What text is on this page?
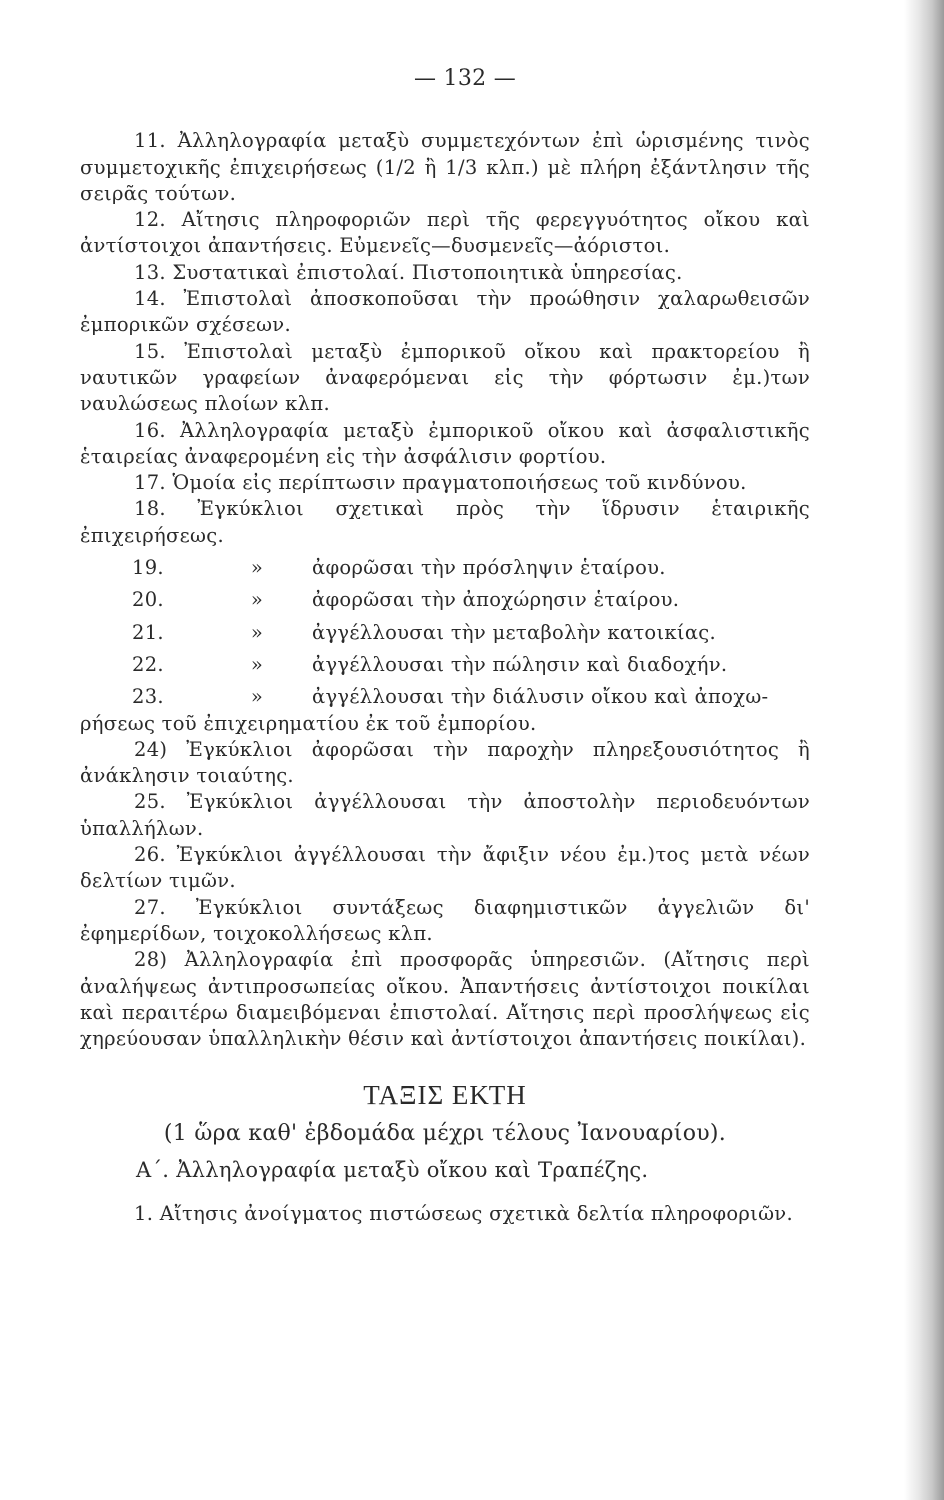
— 132 —

11. Ἀλληλογραφία μεταξὺ συμμετεχόντων ἐπὶ ὡρισμένης τινὸς συμμετοχικῆς ἐπιχειρήσεως (1/2 ἢ 1/3 κλπ.) μὲ πλήρη ἐξάντλησιν τῆς σειρᾶς τούτων.

12. Αἴτησις πληροφοριῶν περὶ τῆς φερεγγυότητος οἴκου καὶ ἀντίστοιχοι ἀπαντήσεις. Εὐμενεῖς—δυσμενεῖς—ἀόριστοι.

13. Συστατικαὶ ἐπιστολαί. Πιστοποιητικὰ ὑπηρεσίας.

14. Ἐπιστολαὶ ἀποσκοποῦσαι τὴν προώθησιν χαλαρωθεισῶν ἐμπορικῶν σχέσεων.

15. Ἐπιστολαὶ μεταξὺ ἐμπορικοῦ οἴκου καὶ πρακτορείου ἢ ναυτικῶν γραφείων ἀναφερόμεναι εἰς τὴν φόρτωσιν ἐμ.)των ναυλώσεως πλοίων κλπ.

16. Ἀλληλογραφία μεταξὺ ἐμπορικοῦ οἴκου καὶ ἀσφαλιστικῆς ἑταιρείας ἀναφερομένη εἰς τὴν ἀσφάλισιν φορτίου.

17. Ὁμοία εἰς περίπτωσιν πραγματοποιήσεως τοῦ κινδύνου.

18. Ἐγκύκλιοι σχετικαὶ πρὸς τὴν ἵδρυσιν ἑταιρικῆς ἐπιχειρήσεως.

19.	»	ἀφορῶσαι τὴν πρόσληψιν ἑταίρου.
20.	»	ἀφορῶσαι τὴν ἀποχώρησιν ἑταίρου.
21.	»	ἀγγέλλουσαι τὴν μεταβολὴν κατοικίας.
22.	»	ἀγγέλλουσαι τὴν πώλησιν καὶ διαδοχήν.
23.	»	ἀγγέλλουσαι τὴν διάλυσιν οἴκου καὶ ἀποχω-

ρήσεως τοῦ ἐπιχειρηματίου ἐκ τοῦ ἐμπορίου.

24) Ἐγκύκλιοι ἀφορῶσαι τὴν παροχὴν πληρεξουσιότητος ἢ ἀνάκλησιν τοιαύτης.

25. Ἐγκύκλιοι ἀγγέλλουσαι τὴν ἀποστολὴν περιοδευόντων ὑπαλλήλων.

26. Ἐγκύκλιοι ἀγγέλλουσαι τὴν ἄφιξιν νέου ἐμ.)τος μετὰ νέων δελτίων τιμῶν.

27. Ἐγκύκλιοι συντάξεως διαφημιστικῶν ἀγγελιῶν δι' ἐφημερίδων, τοιχοκολλήσεως κλπ.

28) Ἀλληλογραφία ἐπὶ προσφορᾶς ὑπηρεσιῶν. (Αἴτησις περὶ ἀναλήψεως ἀντιπροσωπείας οἴκου. Ἀπαντήσεις ἀντίστοιχοι ποικίλαι καὶ περαιτέρω διαμειβόμεναι ἐπιστολαί. Αἴτησις περὶ προσλήψεως εἰς χηρεύουσαν ὑπαλληλικὴν θέσιν καὶ ἀντίστοιχοι ἀπαντήσεις ποικίλαι).

ΤΑΞΙΣ ΕΚΤΗ
(1 ὥρα καθ' ἑβδομάδα μέχρι τέλους Ἰανουαρίου).
Α΄. Ἀλληλογραφία μεταξὺ οἴκου καὶ Τραπέζης.

1. Αἴτησις ἀνοίγματος πιστώσεως σχετικὰ δελτία πληροφοριῶν.
